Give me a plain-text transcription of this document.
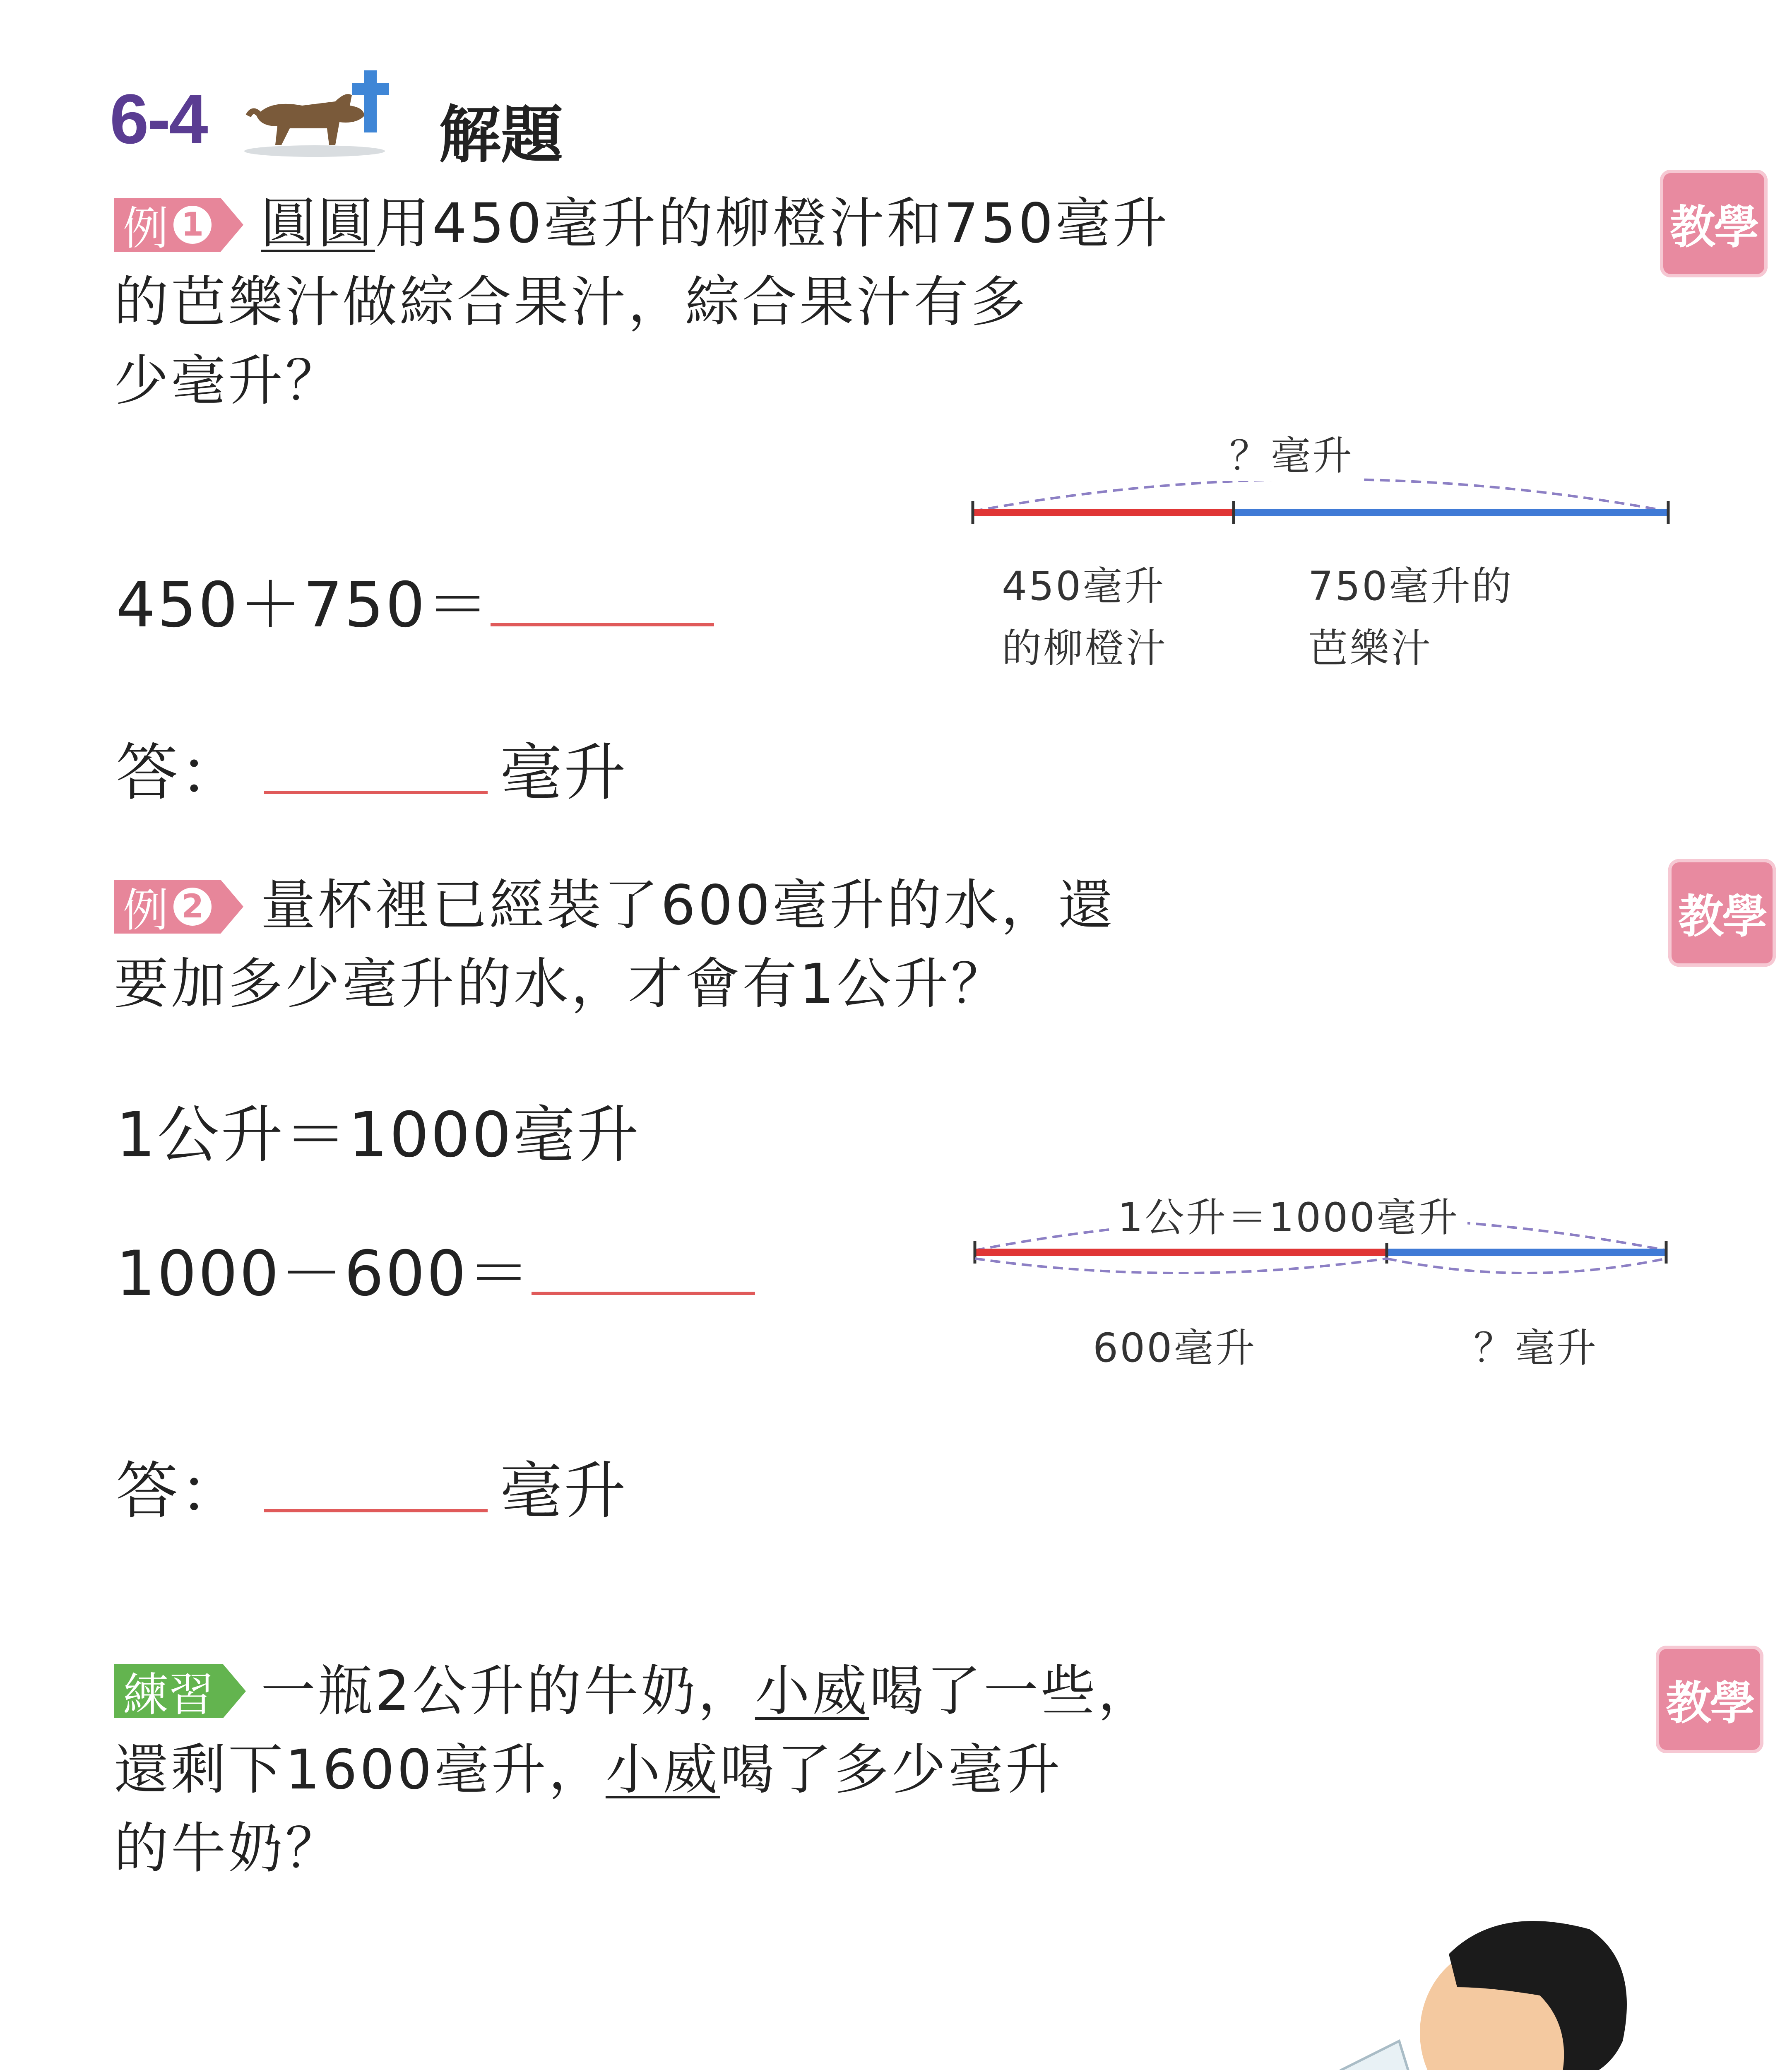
6-4	解題
例 1 圓圓用450毫升的柳橙汁和750毫升
的芭樂汁做綜合果汁，綜合果汁有多
少毫升？
教學
450＋750＝
？毫升
450毫升
的柳橙汁
750毫升的
芭樂汁
答：	毫升
例 2 量杯裡已經裝了600毫升的水，還
要加多少毫升的水，才會有1公升？
教學
1公升＝1000毫升
1000－600＝
1公升＝1000毫升
600毫升	？毫升
答：	毫升
練習 一瓶2公升的牛奶，小威喝了一些，
還剩下1600毫升，小威喝了多少毫升
的牛奶？
教學
